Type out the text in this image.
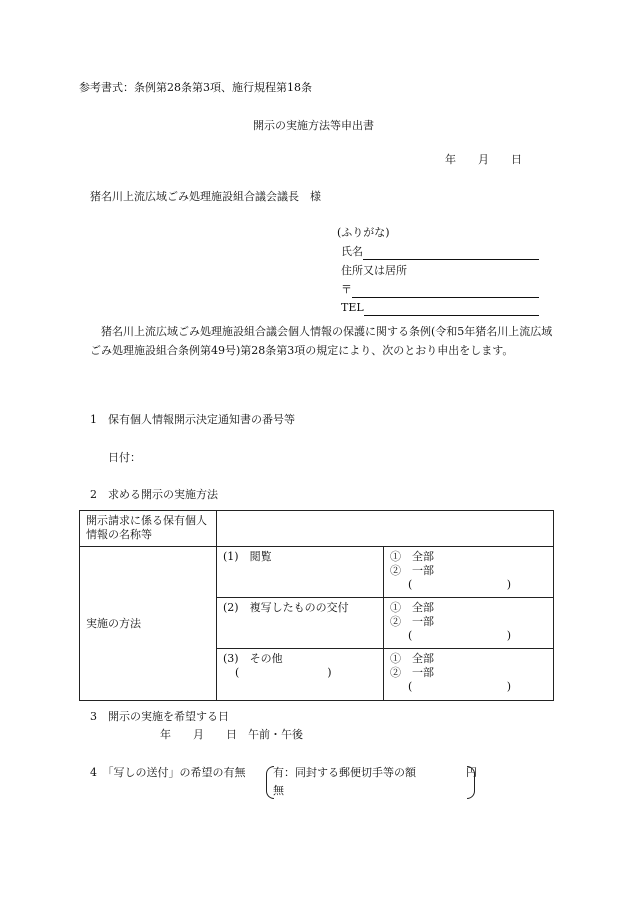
参考書式：条例第28条第3項、施行規程第18条
開示の実施方法等申出書
年　　月　　日
猪名川上流広域ごみ処理施設組合議会議長　様
(ふりがな)
氏名
住所又は居所
〒
TEL
猪名川上流広域ごみ処理施設組合議会個人情報の保護に関する条例(令和5年猪名川上流広域ごみ処理施設組合条例第49号)第28条第3項の規定により、次のとおり申出をします。
1　保有個人情報開示決定通知書の番号等
日付：
2　求める開示の実施方法
開示請求に係る保有個人情報の名称等		
実施の方法	(1)　閲覧	①　全部
②　一部
( )

	(2)　複写したものの交付	①　全部
②　一部
( )

	(3)　その他
(　　　　　　　　)	①　全部
②　一部
( )
3　開示の実施を希望する日
年　　月　　日　午前・午後
4　「写しの送付」の希望の有無	有：同封する郵便切手等の額	円
無
